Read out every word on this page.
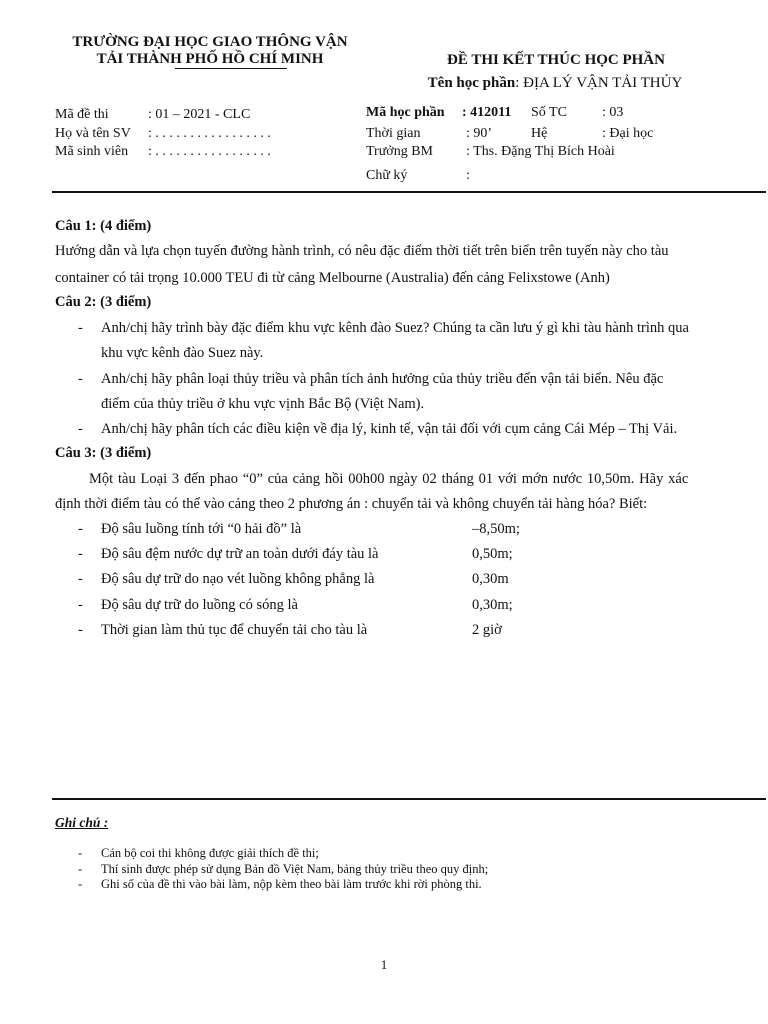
TRƯỜNG ĐẠI HỌC GIAO THÔNG VẬN
TẢI THÀNH PHỐ HỒ CHÍ MINH	ĐỀ THI KẾT THÚC HỌC PHẦN
Tên học phần: ĐỊA LÝ VẬN TẢI THỦY
Mã đề thi	: 01 – 2021 - CLC
Họ và tên SV : . . . . . . . . . . . . . . . . .
Mã sinh viên : . . . . . . . . . . . . . . . . .
Mã học phần : 412011 Số TC	: 03
Thời gian	: 90’	Hệ	: Đại học
Trưởng BM : Ths. Đặng Thị Bích Hoài
Chữ ký	:
Câu 1: (4 điểm)
Hướng dẫn và lựa chọn tuyến đường hành trình, có nêu đặc điểm thời tiết trên biển trên tuyến này cho tàu
container có tải trọng 10.000 TEU đi từ cảng Melbourne (Australia) đến cảng Felixstowe (Anh)
Câu 2: (3 điểm)
- Anh/chị hãy trình bày đặc điểm khu vực kênh đào Suez? Chúng ta cần lưu ý gì khi tàu hành trình qua
khu vực kênh đào Suez này.
- Anh/chị hãy phân loại thủy triều và phân tích ảnh hưởng của thủy triều đến vận tải biển. Nêu đặc
điểm của thủy triều ở khu vực vịnh Bắc Bộ (Việt Nam).
- Anh/chị hãy phân tích các điều kiện về địa lý, kinh tế, vận tải đối với cụm cảng Cái Mép – Thị Vải.
Câu 3: (3 điểm)
Một tàu Loại 3 đến phao “0” của cảng hồi 00h00 ngày 02 tháng 01 với mớn nước 10,50m. Hãy xác
định thời điểm tàu có thể vào cảng theo 2 phương án : chuyển tải và không chuyển tải hàng hóa? Biết:
- Độ sâu luồng tính tới “0 hải đồ” là	–8,50m;
- Độ sâu đệm nước dự trữ an toàn dưới đáy tàu là	0,50m;
- Độ sâu dự trữ do nạo vét luồng không phẳng là	0,30m
- Độ sâu dự trữ do luồng có sóng là	0,30m;
- Thời gian làm thủ tục để chuyển tải cho tàu là	2 giờ
Ghi chú :
- Cán bộ coi thi không được giải thích đề thi;
- Thí sinh được phép sử dụng Bản đồ Việt Nam, bảng thủy triều theo quy định;
- Ghi số của đề thi vào bài làm, nộp kèm theo bài làm trước khi rời phòng thi.
1
